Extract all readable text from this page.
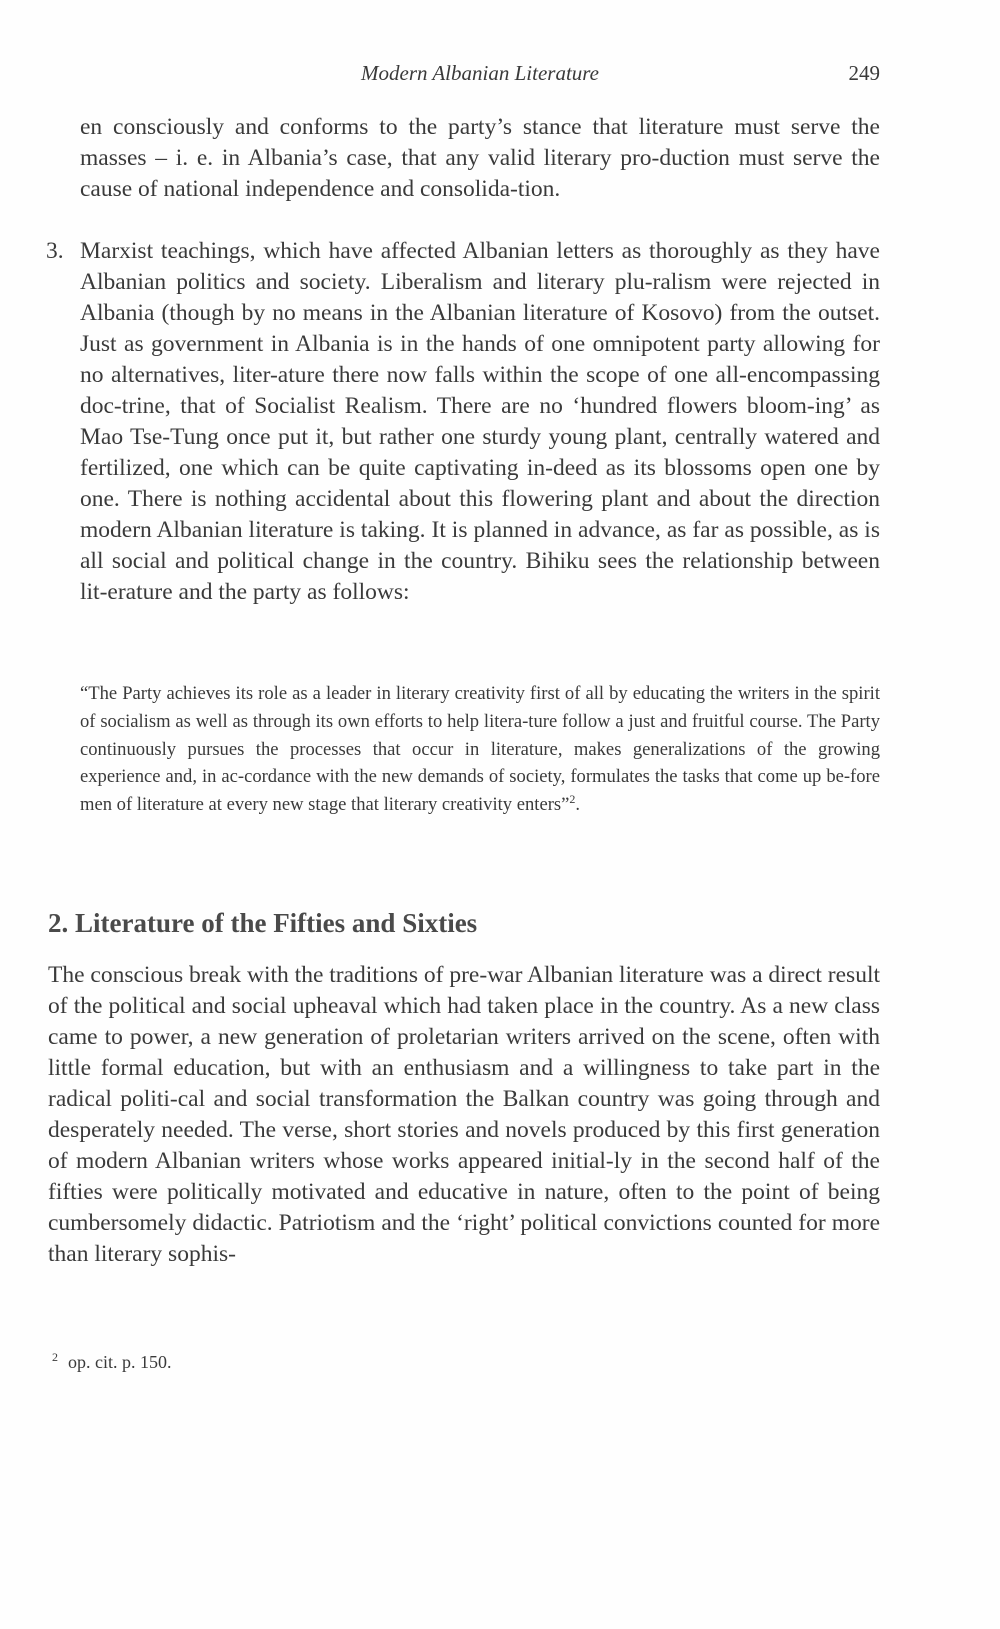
Modern Albanian Literature	249

en consciously and conforms to the party’s stance that literature must serve the masses – i. e. in Albania’s case, that any valid literary pro-duction must serve the cause of national independence and consolida-tion.

3. Marxist teachings, which have affected Albanian letters as thoroughly as they have Albanian politics and society. Liberalism and literary plu-ralism were rejected in Albania (though by no means in the Albanian literature of Kosovo) from the outset. Just as government in Albania is in the hands of one omnipotent party allowing for no alternatives, liter-ature there now falls within the scope of one all-encompassing doc-trine, that of Socialist Realism. There are no ‘hundred flowers bloom-ing’ as Mao Tse-Tung once put it, but rather one sturdy young plant, centrally watered and fertilized, one which can be quite captivating in-deed as its blossoms open one by one. There is nothing accidental about this flowering plant and about the direction modern Albanian literature is taking. It is planned in advance, as far as possible, as is all social and political change in the country. Bihiku sees the relationship between lit-erature and the party as follows:

“The Party achieves its role as a leader in literary creativity first of all by educating the writers in the spirit of socialism as well as through its own efforts to help litera-ture follow a just and fruitful course. The Party continuously pursues the processes that occur in literature, makes generalizations of the growing experience and, in ac-cordance with the new demands of society, formulates the tasks that come up be-fore men of literature at every new stage that literary creativity enters”$^2$.

2. Literature of the Fifties and Sixties

The conscious break with the traditions of pre-war Albanian literature was a direct result of the political and social upheaval which had taken place in the country. As a new class came to power, a new generation of proletarian writers arrived on the scene, often with little formal education, but with an enthusiasm and a willingness to take part in the radical politi-cal and social transformation the Balkan country was going through and desperately needed. The verse, short stories and novels produced by this first generation of modern Albanian writers whose works appeared initial-ly in the second half of the fifties were politically motivated and educative in nature, often to the point of being cumbersomely didactic. Patriotism and the ‘right’ political convictions counted for more than literary sophis-

$^2$ op. cit. p. 150.
